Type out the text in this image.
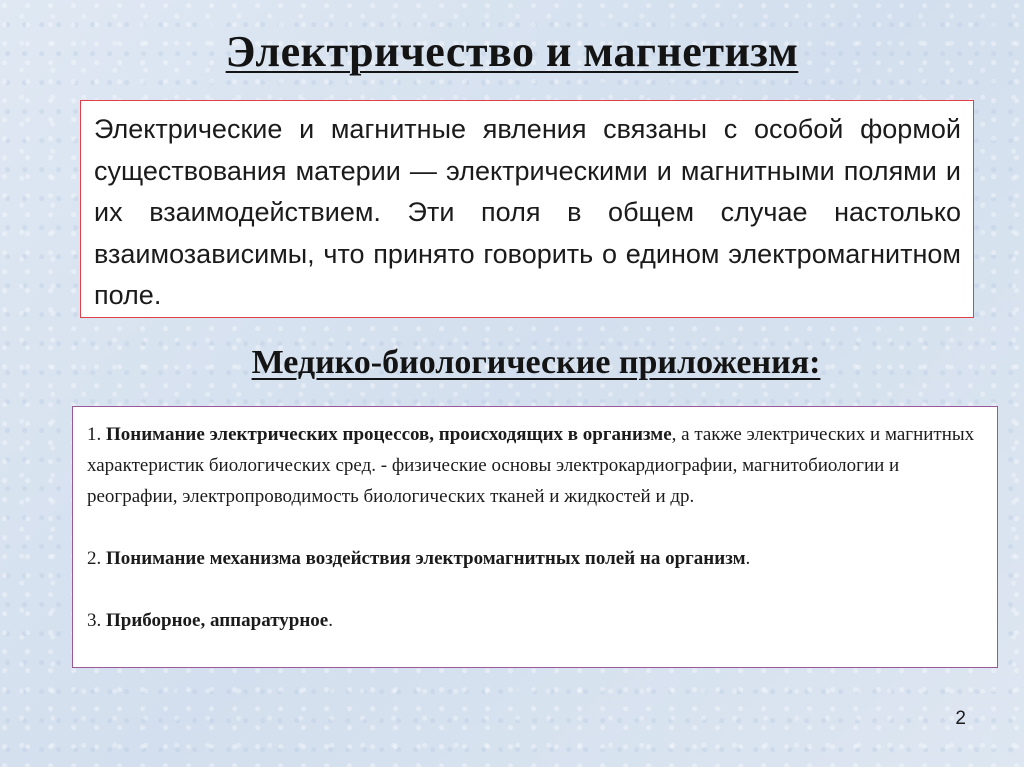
Электричество и магнетизм

Электрические и магнитные явления связаны с особой формой существования материи — электрическими и магнитными полями и их взаимодействием. Эти поля в общем случае настолько взаимозависимы, что принято говорить о едином электромагнитном поле.

Медико-биологические приложения:

1. Понимание электрических процессов, происходящих в организме, а также электрических и магнитных характеристик биологических сред. - физические основы электрокардиографии, магнитобиологии и реографии, электропроводимость биологических тканей и жидкостей и др.

2. Понимание механизма воздействия электромагнитных полей на организм.

3. Приборное, аппаратурное.

2
